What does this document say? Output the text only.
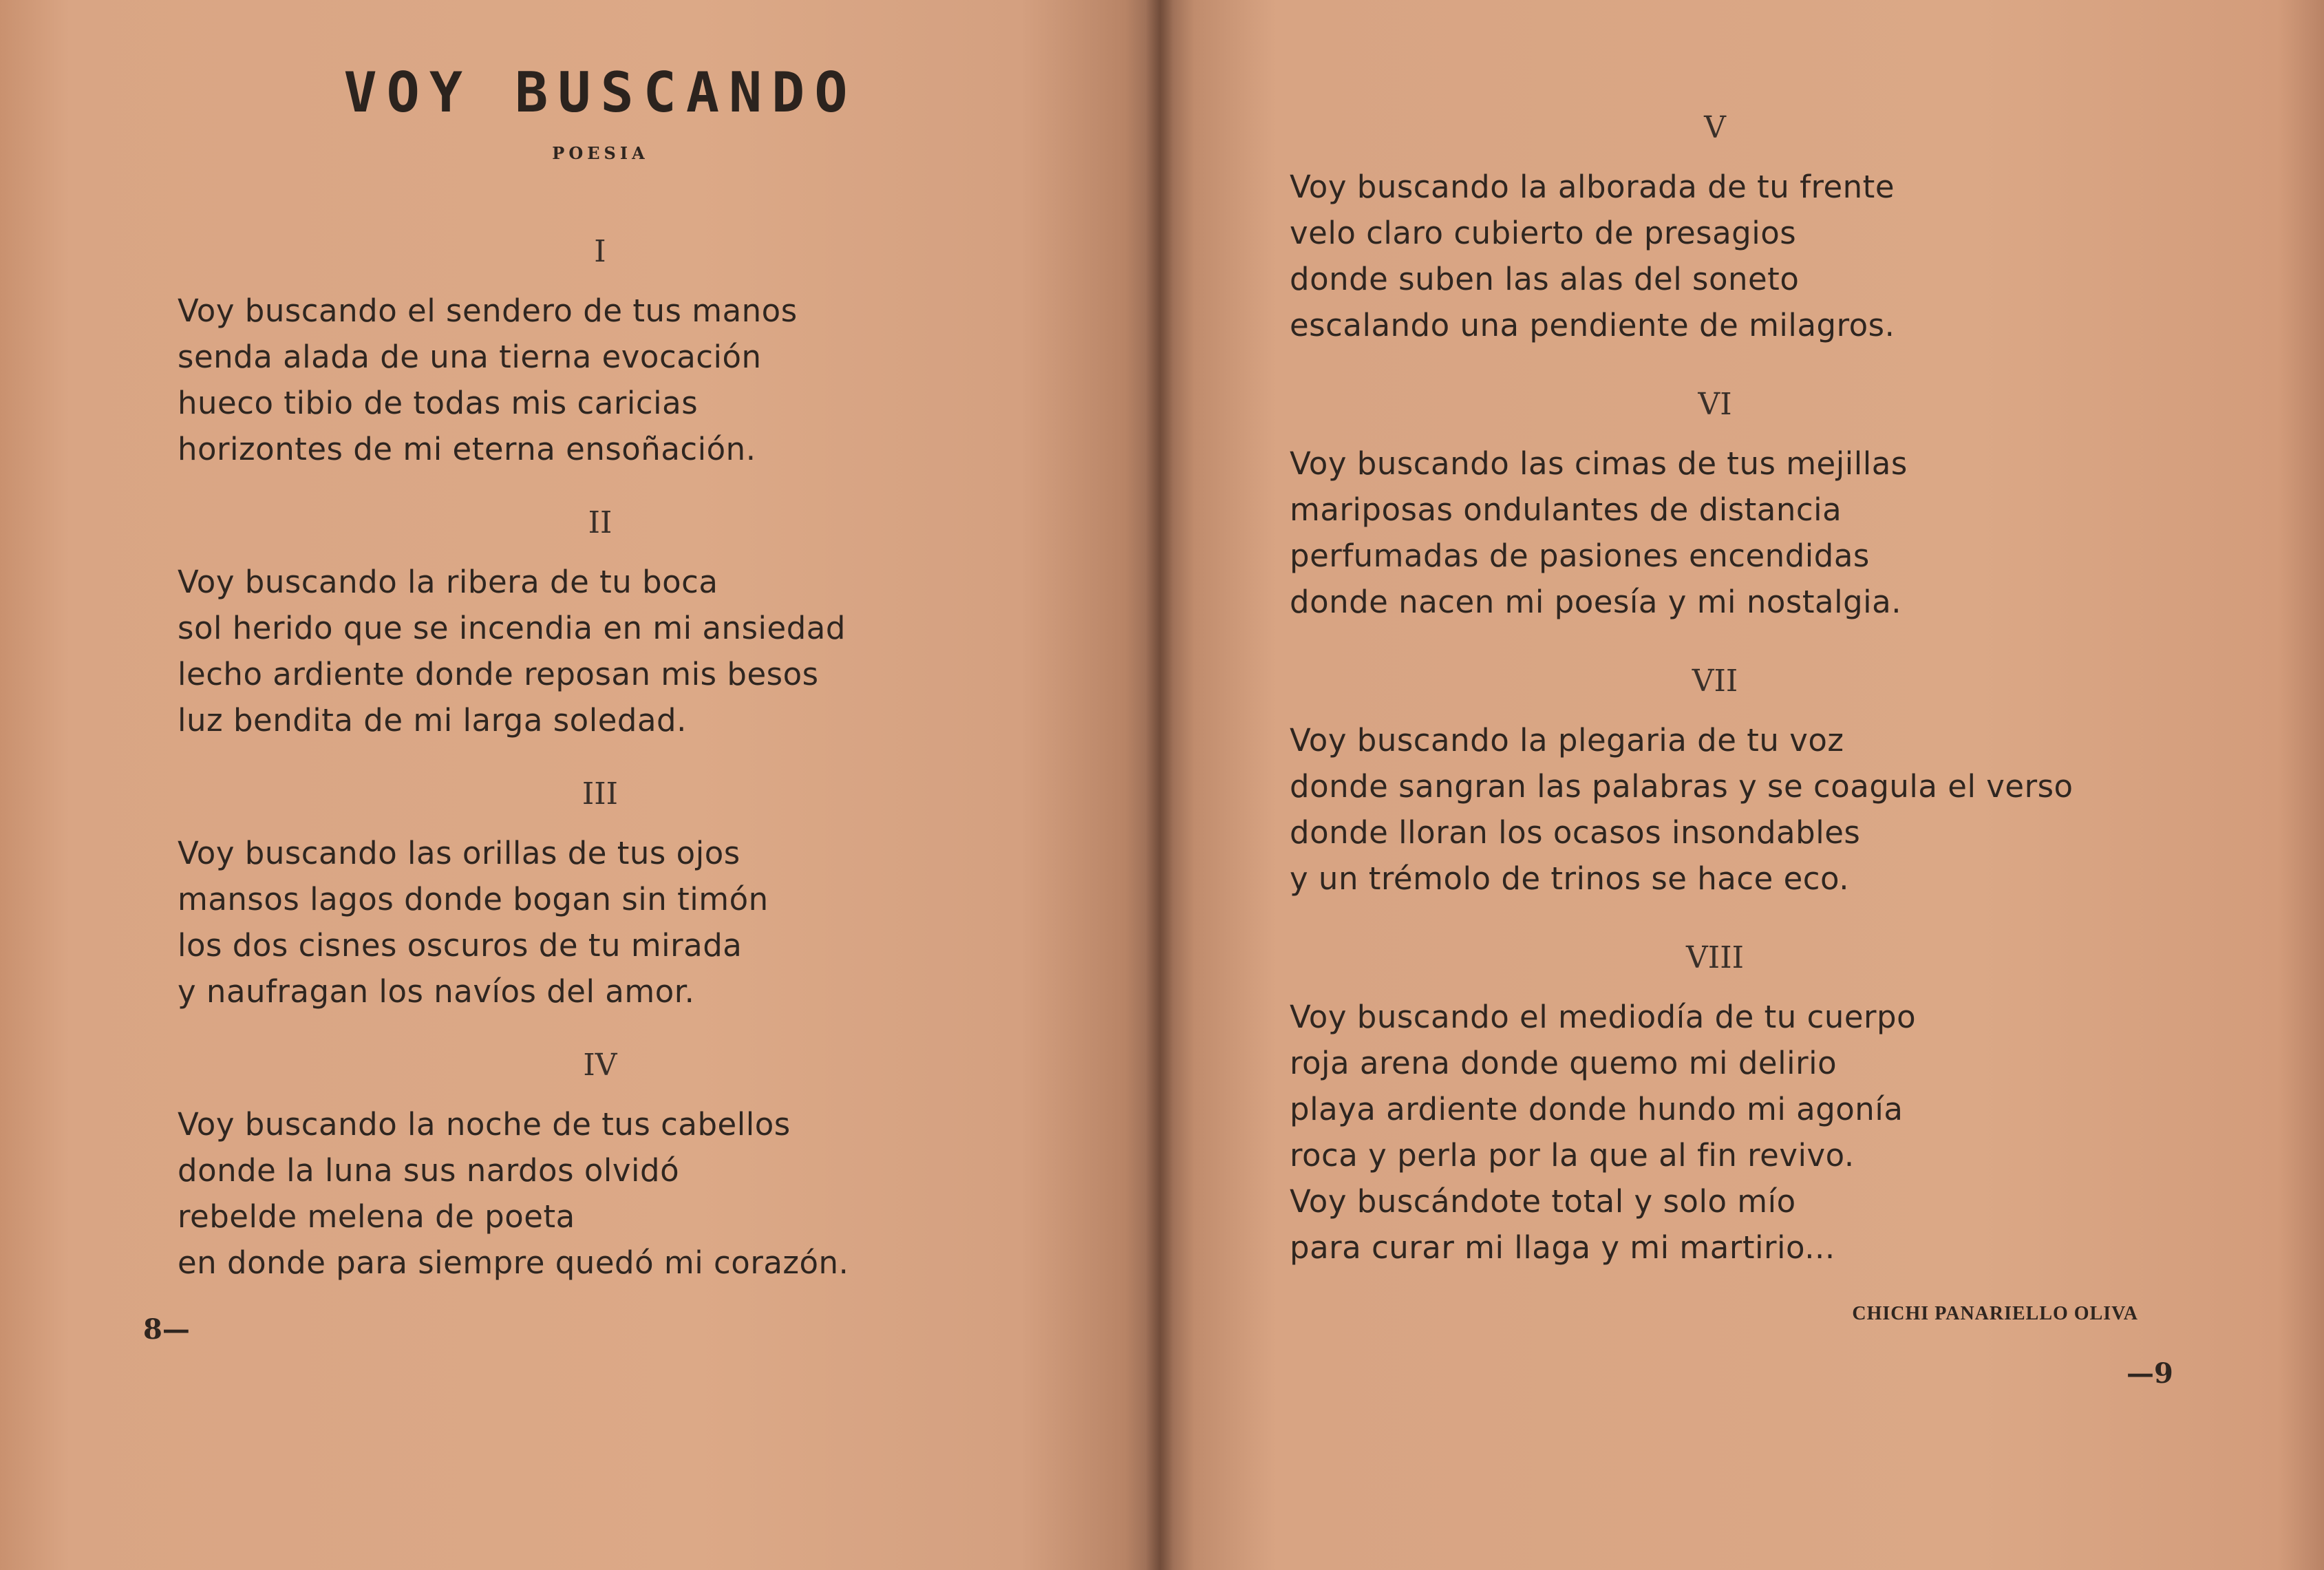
VOY BUSCANDO
POESIA
I
Voy buscando el sendero de tus manos
senda alada de una tierna evocación
hueco tibio de todas mis caricias
horizontes de mi eterna ensoñación.
II
Voy buscando la ribera de tu boca
sol herido que se incendia en mi ansiedad
lecho ardiente donde reposan mis besos
luz bendita de mi larga soledad.
III
Voy buscando las orillas de tus ojos
mansos lagos donde bogan sin timón
los dos cisnes oscuros de tu mirada
y naufragan los navíos del amor.
IV
Voy buscando la noche de tus cabellos
donde la luna sus nardos olvidó
rebelde melena de poeta
en donde para siempre quedó mi corazón.
V
Voy buscando la alborada de tu frente
velo claro cubierto de presagios
donde suben las alas del soneto
escalando una pendiente de milagros.
VI
Voy buscando las cimas de tus mejillas
mariposas ondulantes de distancia
perfumadas de pasiones encendidas
donde nacen mi poesía y mi nostalgia.
VII
Voy buscando la plegaria de tu voz
donde sangran las palabras y se coagula el verso
donde lloran los ocasos insondables
y un trémolo de trinos se hace eco.
VIII
Voy buscando el mediodía de tu cuerpo
roja arena donde quemo mi delirio
playa ardiente donde hundo mi agonía
roca y perla por la que al fin revivo.
Voy buscándote total y solo mío
para curar mi llaga y mi martirio...
CHICHI PANARIELLO OLIVA
8—
—9
